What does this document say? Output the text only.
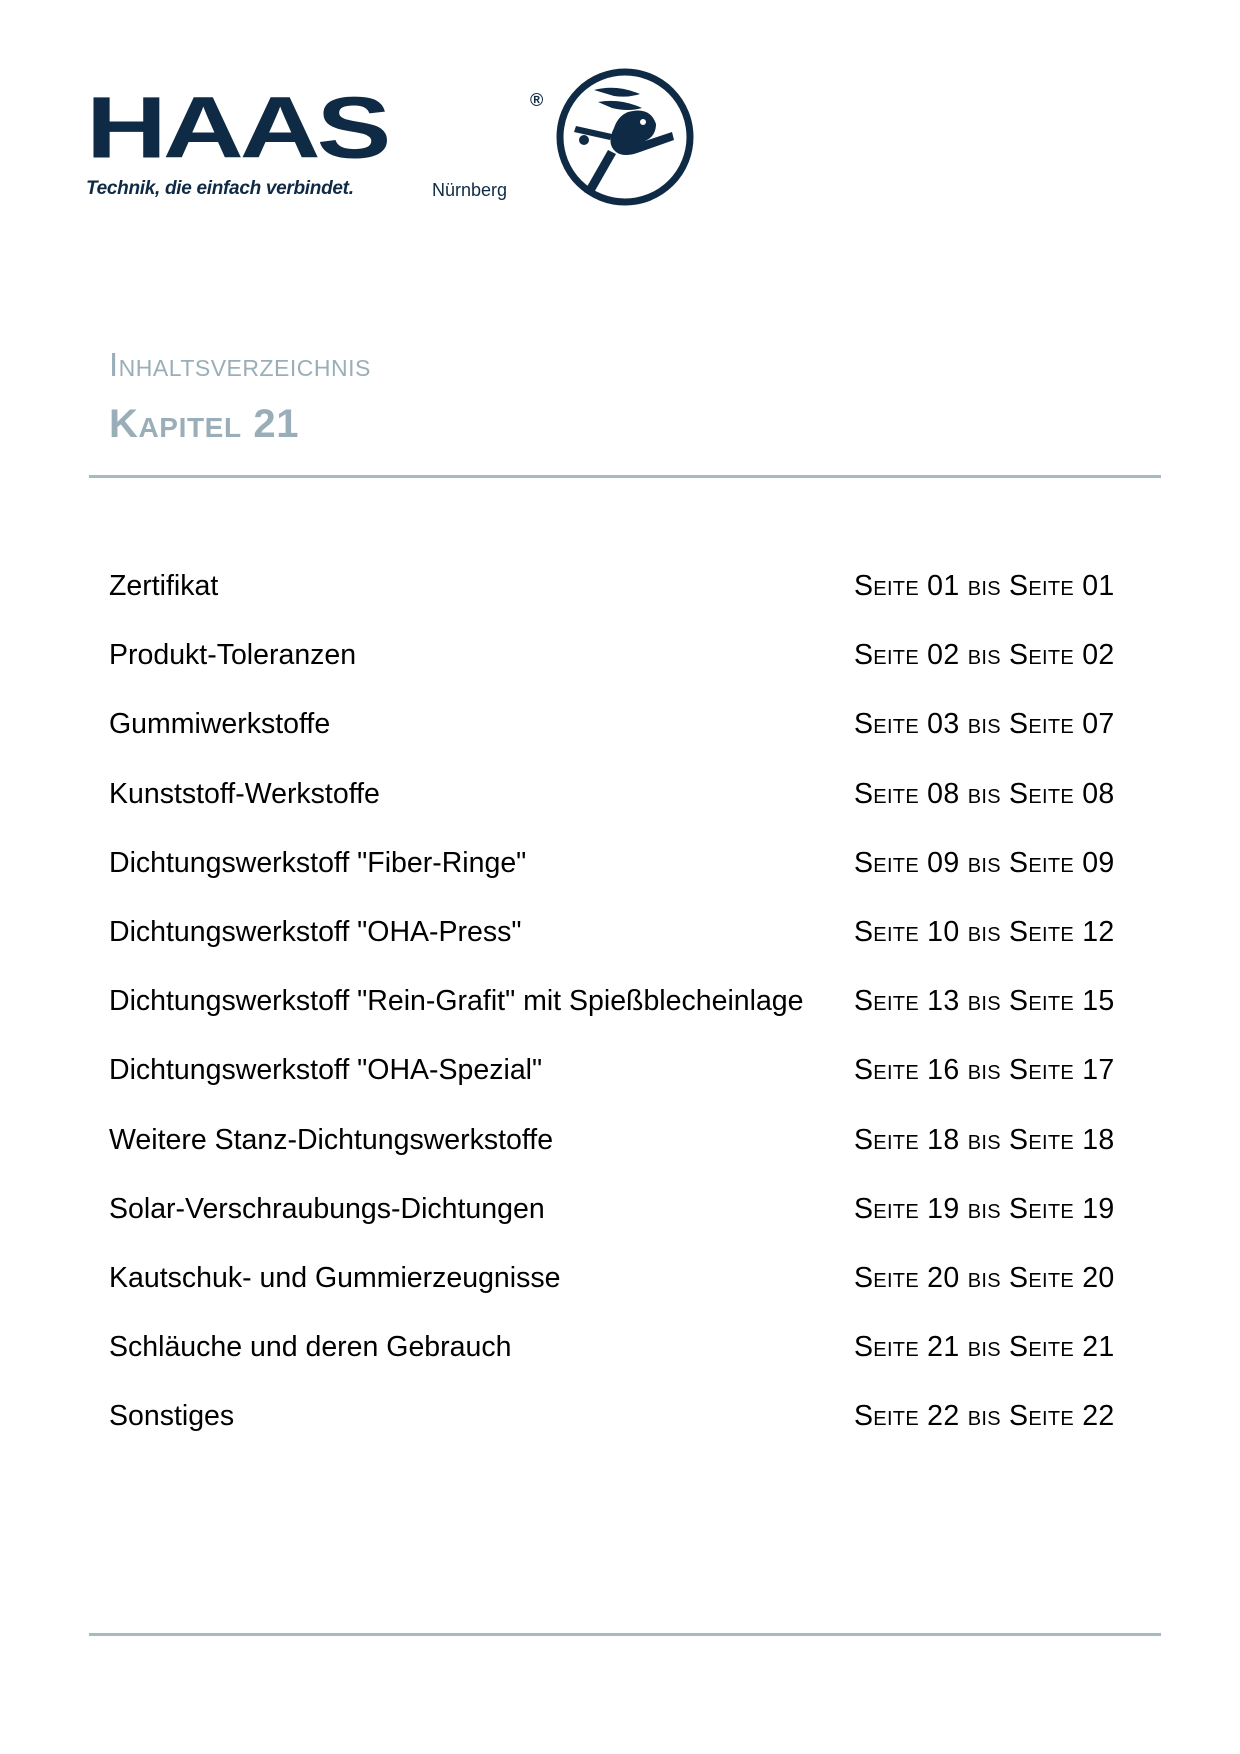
HAAS	®
Technik, die einfach verbindet.	Nürnberg
Inhaltsverzeichnis
Kapitel 21
Zertifikat	Seite 01 bis Seite 01
Produkt-Toleranzen	Seite 02 bis Seite 02
Gummiwerkstoffe	Seite 03 bis Seite 07
Kunststoff-Werkstoffe	Seite 08 bis Seite 08
Dichtungswerkstoff "Fiber-Ringe"	Seite 09 bis Seite 09
Dichtungswerkstoff "OHA-Press"	Seite 10 bis Seite 12
Dichtungswerkstoff "Rein-Grafit" mit Spießblecheinlage Seite 13 bis Seite 15
Dichtungswerkstoff "OHA-Spezial"	Seite 16 bis Seite 17
Weitere Stanz-Dichtungswerkstoffe	Seite 18 bis Seite 18
Solar-Verschraubungs-Dichtungen	Seite 19 bis Seite 19
Kautschuk- und Gummierzeugnisse	Seite 20 bis Seite 20
Schläuche und deren Gebrauch	Seite 21 bis Seite 21
Sonstiges	Seite 22 bis Seite 22
